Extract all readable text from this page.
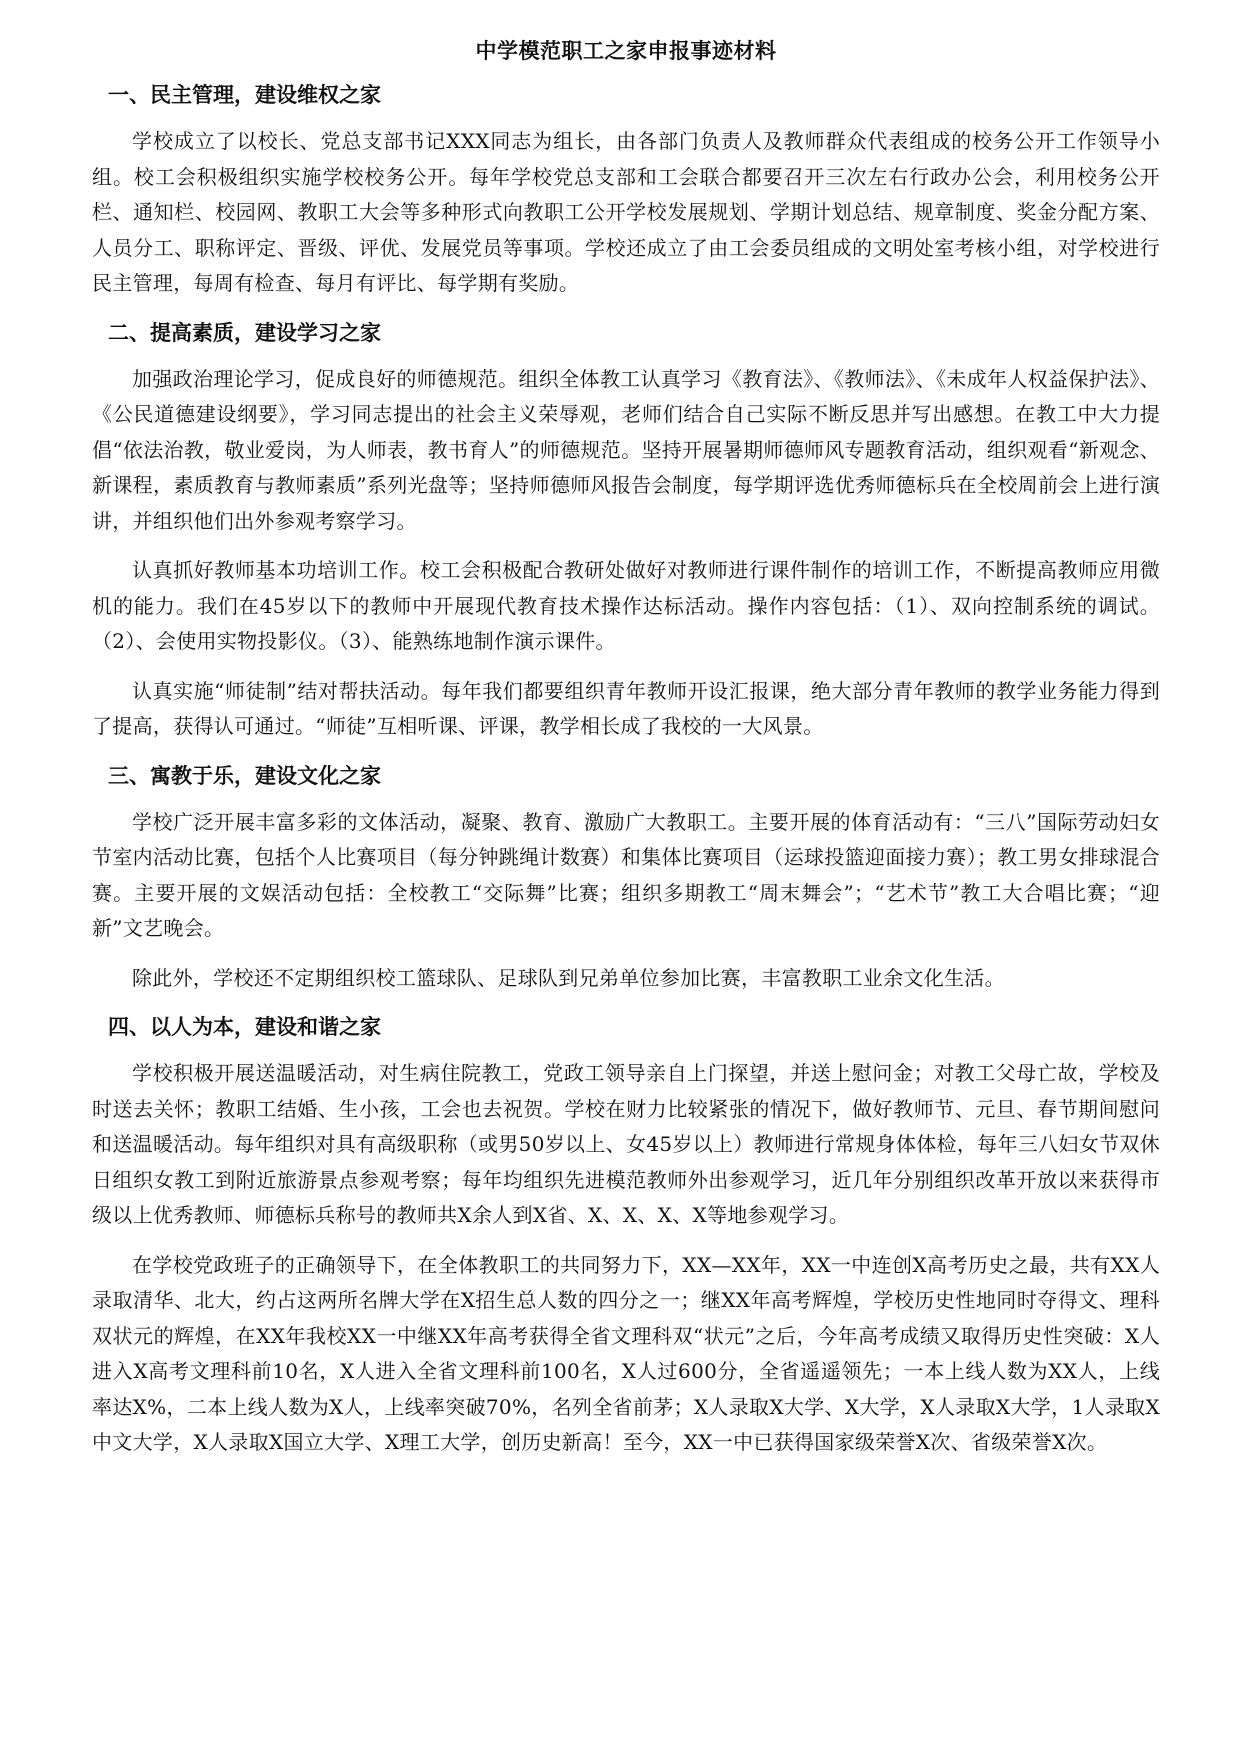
中学模范职工之家申报事迹材料
一、民主管理，建设维权之家

学校成立了以校长、党总支部书记XXX同志为组长，由各部门负责人及教师群众代表组成的校务公开工作领导小组。校工会积极组织实施学校校务公开。每年学校党总支部和工会联合都要召开三次左右行政办公会，利用校务公开栏、通知栏、校园网、教职工大会等多种形式向教职工公开学校发展规划、学期计划总结、规章制度、奖金分配方案、人员分工、职称评定、晋级、评优、发展党员等事项。学校还成立了由工会委员组成的文明处室考核小组，对学校进行民主管理，每周有检查、每月有评比、每学期有奖励。

二、提高素质，建设学习之家

加强政治理论学习，促成良好的师德规范。组织全体教工认真学习《教育法》、《教师法》、《未成年人权益保护法》、《公民道德建设纲要》，学习同志提出的社会主义荣辱观，老师们结合自己实际不断反思并写出感想。在教工中大力提倡“依法治教，敬业爱岗，为人师表，教书育人”的师德规范。坚持开展暑期师德师风专题教育活动，组织观看“新观念、新课程，素质教育与教师素质”系列光盘等；坚持师德师风报告会制度，每学期评选优秀师德标兵在全校周前会上进行演讲，并组织他们出外参观考察学习。

认真抓好教师基本功培训工作。校工会积极配合教研处做好对教师进行课件制作的培训工作，不断提高教师应用微机的能力。我们在45岁以下的教师中开展现代教育技术操作达标活动。操作内容包括：（1）、双向控制系统的调试。（2）、会使用实物投影仪。（3）、能熟练地制作演示课件。

认真实施“师徒制”结对帮扶活动。每年我们都要组织青年教师开设汇报课，绝大部分青年教师的教学业务能力得到了提高，获得认可通过。“师徒”互相听课、评课，教学相长成了我校的一大风景。

三、寓教于乐，建设文化之家

学校广泛开展丰富多彩的文体活动，凝聚、教育、激励广大教职工。主要开展的体育活动有：“三八”国际劳动妇女节室内活动比赛，包括个人比赛项目（每分钟跳绳计数赛）和集体比赛项目（运球投篮迎面接力赛）；教工男女排球混合赛。主要开展的文娱活动包括：全校教工“交际舞”比赛；组织多期教工“周末舞会”；“艺术节”教工大合唱比赛；“迎新”文艺晚会。

除此外，学校还不定期组织校工篮球队、足球队到兄弟单位参加比赛，丰富教职工业余文化生活。

四、以人为本，建设和谐之家

学校积极开展送温暖活动，对生病住院教工，党政工领导亲自上门探望，并送上慰问金；对教工父母亡故，学校及时送去关怀；教职工结婚、生小孩，工会也去祝贺。学校在财力比较紧张的情况下，做好教师节、元旦、春节期间慰问和送温暖活动。每年组织对具有高级职称（或男50岁以上、女45岁以上）教师进行常规身体体检，每年三八妇女节双休日组织女教工到附近旅游景点参观考察；每年均组织先进模范教师外出参观学习，近几年分别组织改革开放以来获得市级以上优秀教师、师德标兵称号的教师共X余人到X省、X、X、X、X等地参观学习。

在学校党政班子的正确领导下，在全体教职工的共同努力下，XX—XX年，XX一中连创X高考历史之最，共有XX人录取清华、北大，约占这两所名牌大学在X招生总人数的四分之一；继XX年高考辉煌，学校历史性地同时夺得文、理科双状元的辉煌，在XX年我校XX一中继XX年高考获得全省文理科双“状元”之后，今年高考成绩又取得历史性突破：X人进入X高考文理科前10名，X人进入全省文理科前100名，X人过600分，全省遥遥领先；一本上线人数为XX人，上线率达X%，二本上线人数为X人，上线率突破70%，名列全省前茅；X人录取X大学、X大学，X人录取X大学，1人录取X中文大学，X人录取X国立大学、X理工大学，创历史新高！至今，XX一中已获得国家级荣誉X次、省级荣誉X次。
